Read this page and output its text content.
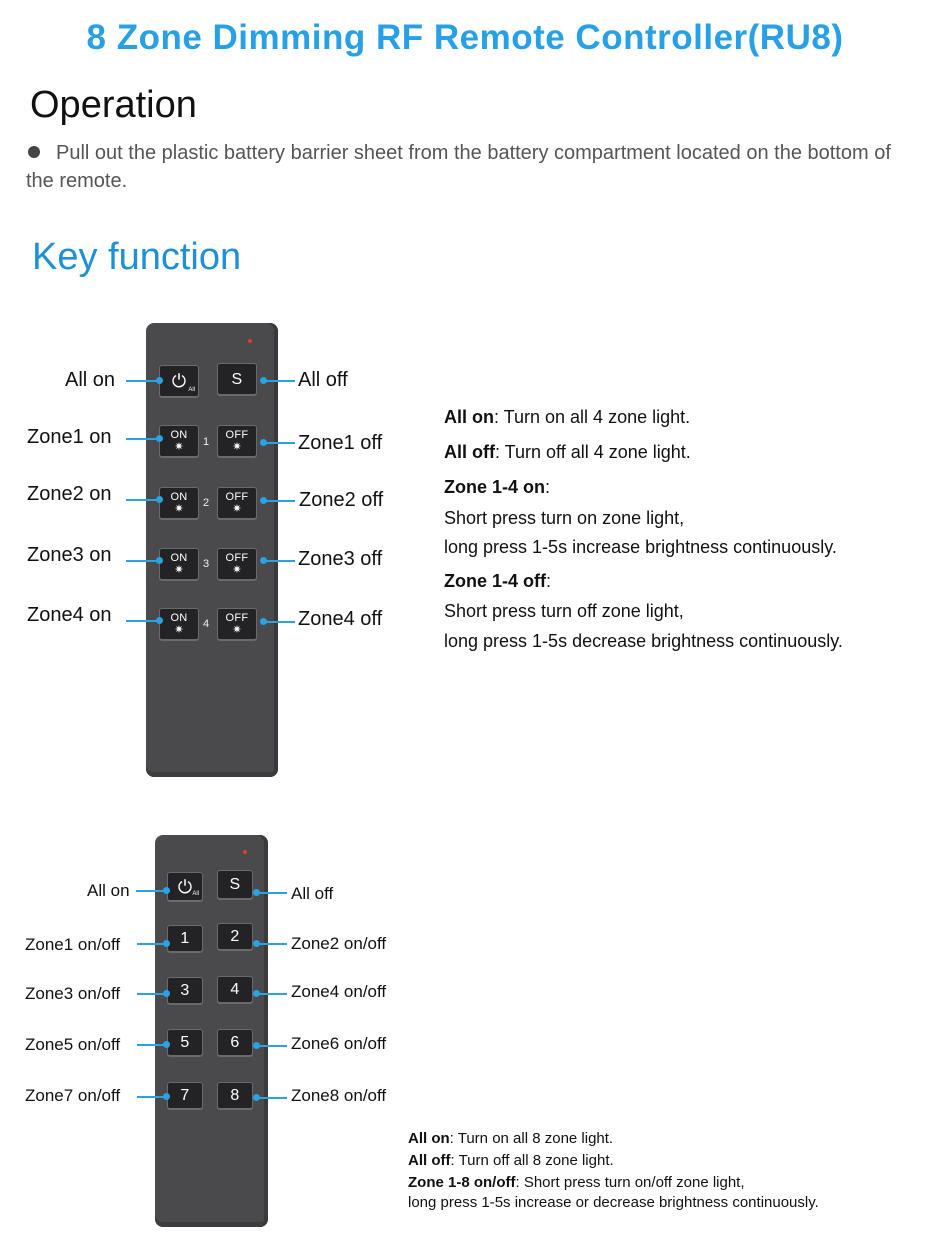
8 Zone Dimming RF Remote Controller(RU8)
Operation
Pull out the plastic battery barrier sheet from the battery compartment located on the bottom of the remote.
Key function
⏻ All
S
ON
✷ 1
OFF
✷
ON
✷ 2 OFF
✷
ON
✷ 3 OFF
✷
ON
✷ 4 OFF
✷
All on
Zone1 on
Zone2 on
Zone3 on
Zone4 on
All off
Zone1 off
Zone2 off
Zone3 off
Zone4 off
All on: Turn on all 4 zone light.
All off: Turn off all 4 zone light.
Zone 1-4 on:
Short press turn on zone light,
long press 1-5s increase brightness continuously.
Zone 1-4 off:
Short press turn off zone light,
long press 1-5s decrease brightness continuously.
⏻ All
S
1	2
3	4
5	6
7	8
All on
Zone1 on/off
Zone3 on/off
Zone5 on/off
Zone7 on/off
All off
Zone2 on/off
Zone4 on/off
Zone6 on/off
Zone8 on/off
All on: Turn on all 8 zone light.
All off: Turn off all 8 zone light.
Zone 1-8 on/off: Short press turn on/off zone light,
long press 1-5s increase or decrease brightness continuously.
